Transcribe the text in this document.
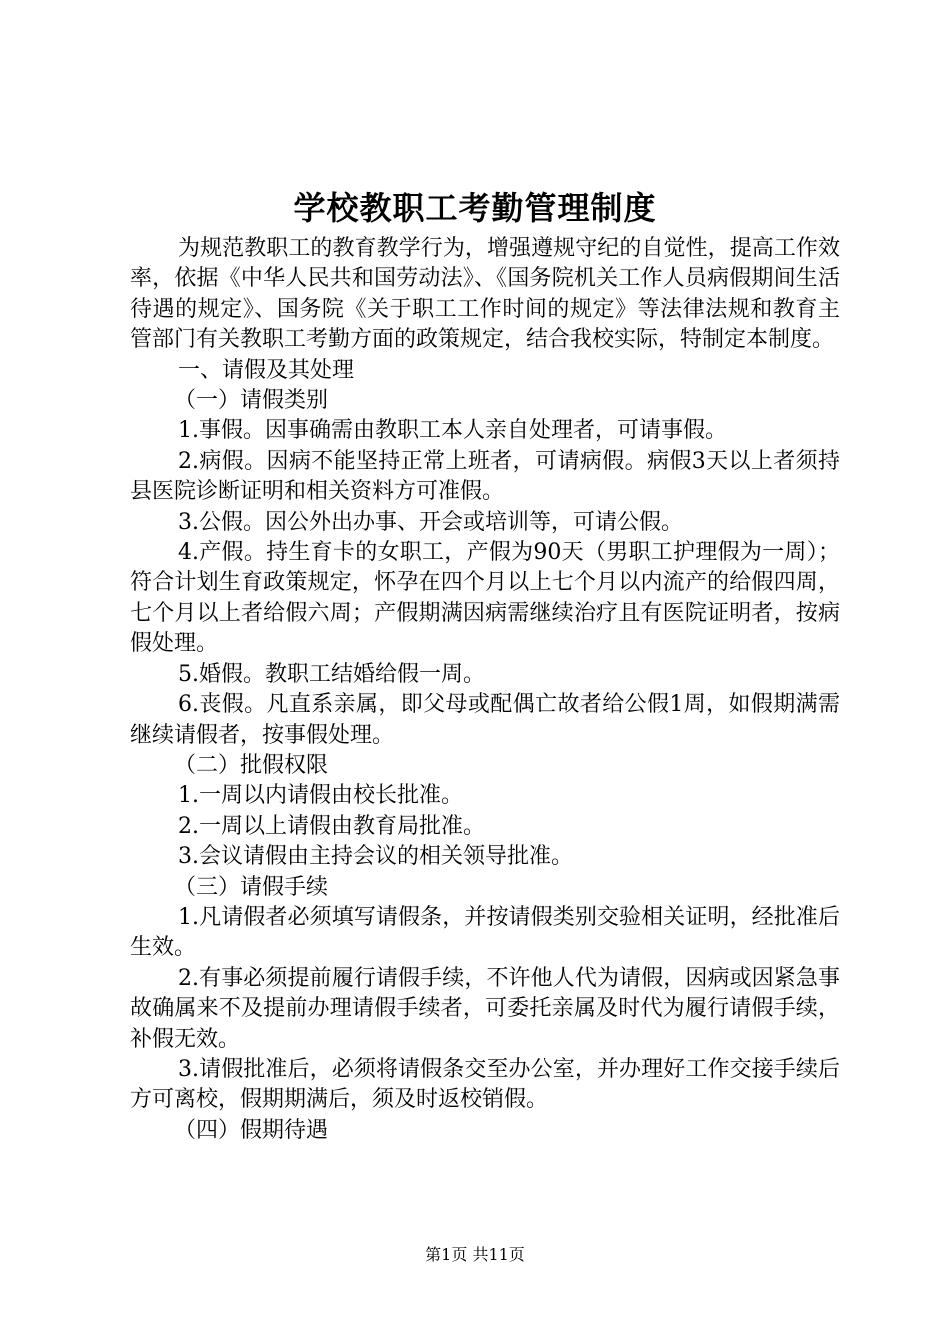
学校教职工考勤管理制度

为规范教职工的教育教学行为，增强遵规守纪的自觉性，提高工作效率，依据《中华人民共和国劳动法》、《国务院机关工作人员病假期间生活待遇的规定》、国务院《关于职工工作时间的规定》等法律法规和教育主管部门有关教职工考勤方面的政策规定，结合我校实际，特制定本制度。

一、请假及其处理

（一）请假类别

1.事假。因事确需由教职工本人亲自处理者，可请事假。

2.病假。因病不能坚持正常上班者，可请病假。病假3天以上者须持县医院诊断证明和相关资料方可准假。

3.公假。因公外出办事、开会或培训等，可请公假。

4.产假。持生育卡的女职工，产假为90天（男职工护理假为一周）；符合计划生育政策规定，怀孕在四个月以上七个月以内流产的给假四周，七个月以上者给假六周；产假期满因病需继续治疗且有医院证明者，按病假处理。

5.婚假。教职工结婚给假一周。

6.丧假。凡直系亲属，即父母或配偶亡故者给公假1周，如假期满需继续请假者，按事假处理。

（二）批假权限

1.一周以内请假由校长批准。

2.一周以上请假由教育局批准。

3.会议请假由主持会议的相关领导批准。

（三）请假手续

1.凡请假者必须填写请假条，并按请假类别交验相关证明，经批准后生效。

2.有事必须提前履行请假手续，不许他人代为请假，因病或因紧急事故确属来不及提前办理请假手续者，可委托亲属及时代为履行请假手续，补假无效。

3.请假批准后，必须将请假条交至办公室，并办理好工作交接手续后方可离校，假期期满后，须及时返校销假。

（四）假期待遇

第1页 共11页
